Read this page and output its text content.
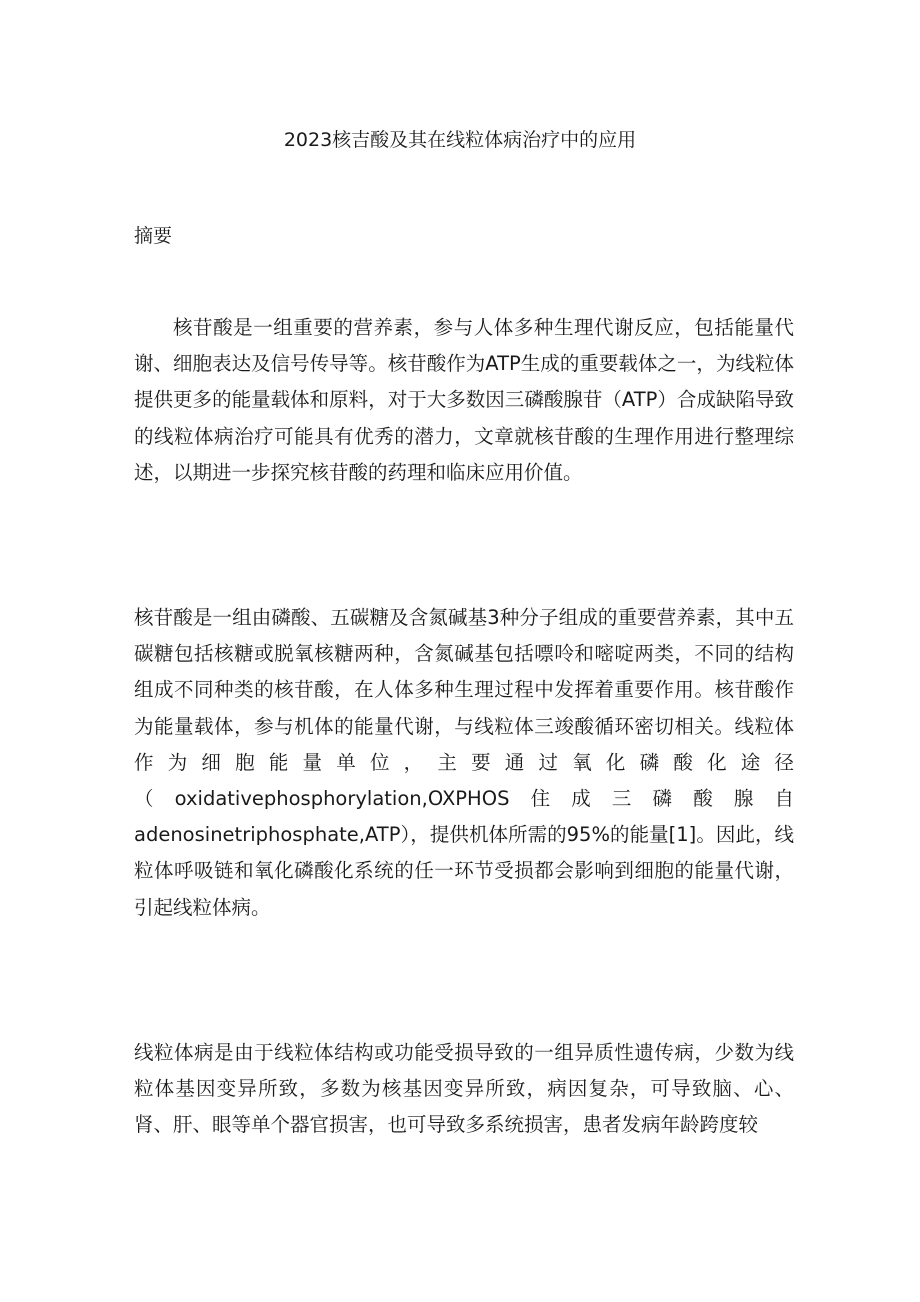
2023核吉酸及其在线粒体病治疗中的应用
摘要

核苷酸是一组重要的营养素，参与人体多种生理代谢反应，包括能量代谢、细胞表达及信号传导等。核苷酸作为ATP生成的重要载体之一，为线粒体提供更多的能量载体和原料，对于大多数因三磷酸腺苷（ATP）合成缺陷导致的线粒体病治疗可能具有优秀的潜力，文章就核苷酸的生理作用进行整理综述，以期进一步探究核苷酸的药理和临床应用价值。

核苷酸是一组由磷酸、五碳糖及含氮碱基3种分子组成的重要营养素，其中五碳糖包括核糖或脱氧核糖两种，含氮碱基包括嘌呤和嘧啶两类，不同的结构组成不同种类的核苷酸，在人体多种生理过程中发挥着重要作用。核苷酸作为能量载体，参与机体的能量代谢，与线粒体三竣酸循环密切相关。线粒体作为细胞能量单位，主要通过氧化磷酸化途径（oxidativephosphorylation,OXPHOS住成三磷酸腺自adenosinetriphosphate,ATP），提供机体所需的95%的能量[1]。因此，线粒体呼吸链和氧化磷酸化系统的任一环节受损都会影响到细胞的能量代谢，引起线粒体病。

线粒体病是由于线粒体结构或功能受损导致的一组异质性遗传病，少数为线粒体基因变异所致，多数为核基因变异所致，病因复杂，可导致脑、心、肾、肝、眼等单个器官损害，也可导致多系统损害，患者发病年龄跨度较
